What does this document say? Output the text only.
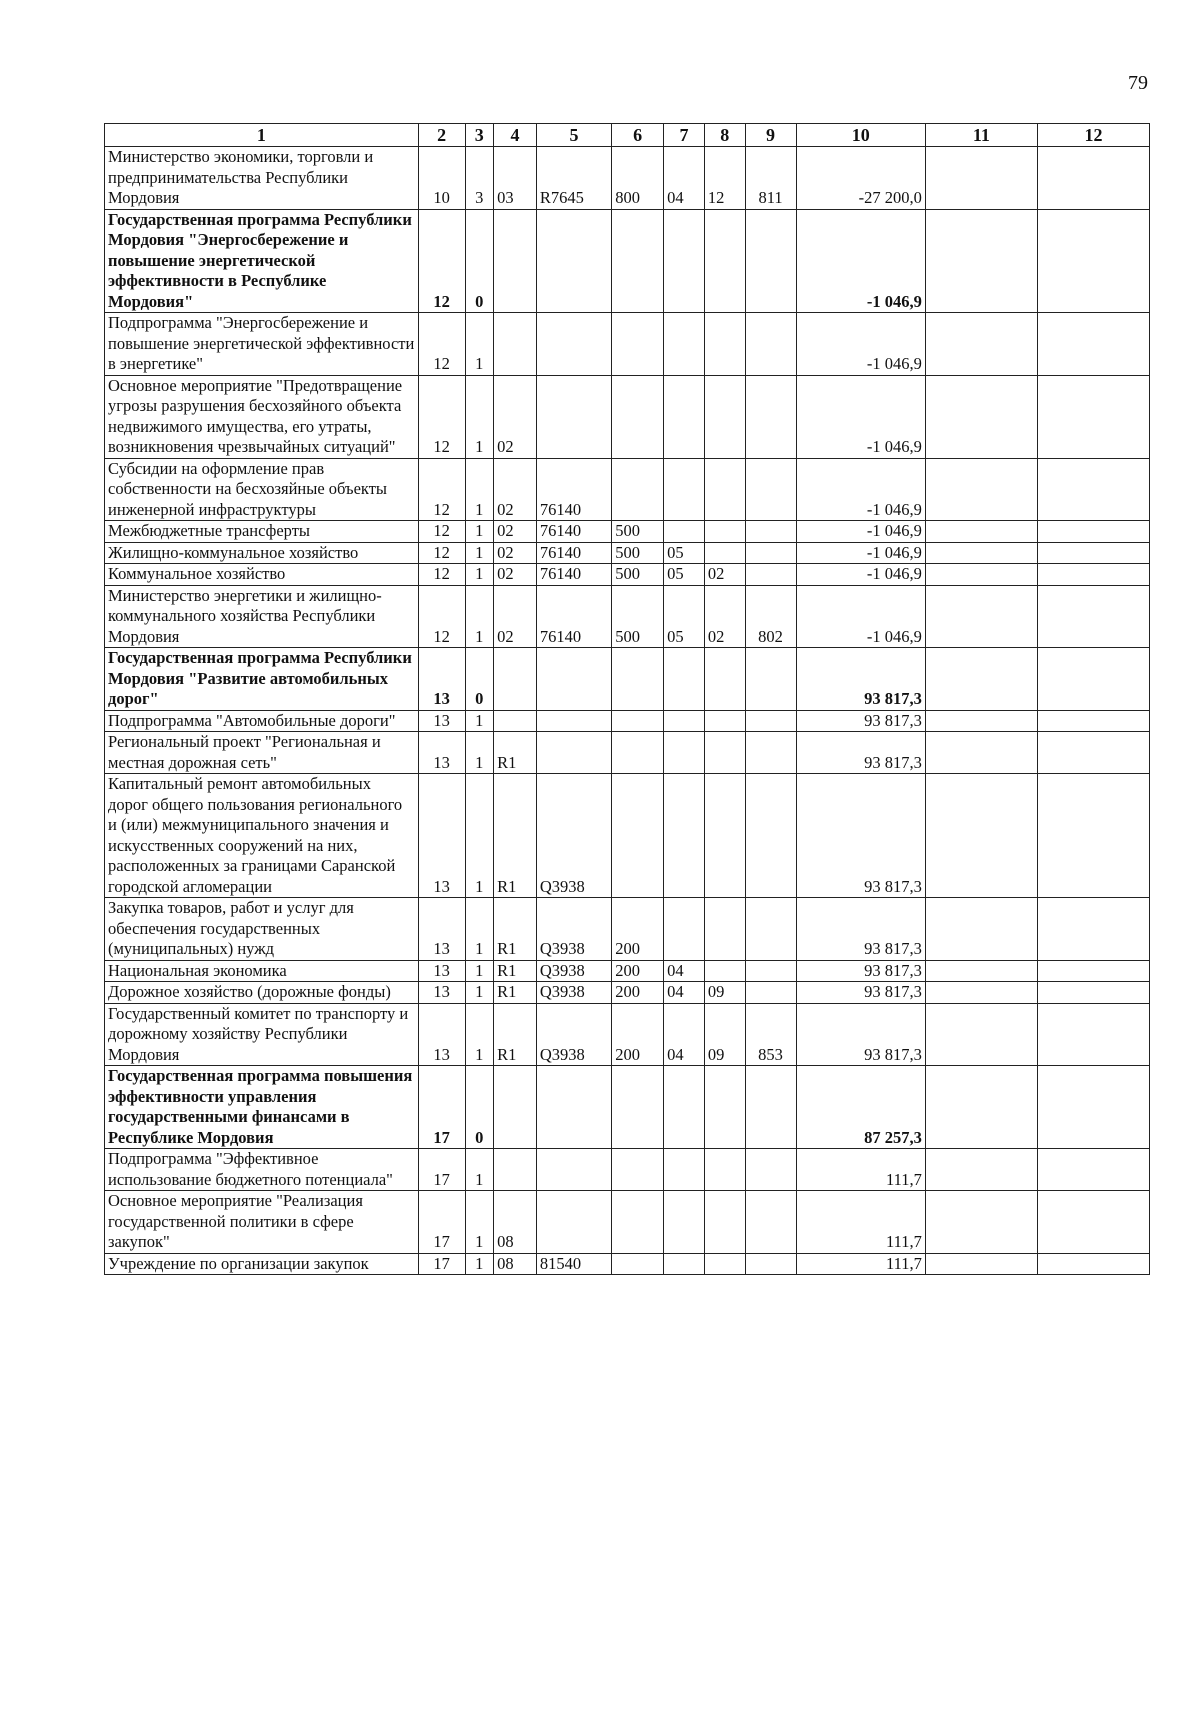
79
1	2	3	4	5	6	7	8	9	10	11	12
Министерство экономики, торговли и предпринимательства Республики Мордовия	10	3	03	R7645	800	04	12	811	-27 200,0		
Государственная программа Республики Мордовия "Энергосбережение и повышение энергетической эффективности в Республике Мордовия"	12	0							-1 046,9		
Подпрограмма "Энергосбережение и повышение энергетической эффективности в энергетике"	12	1							-1 046,9		
Основное мероприятие "Предотвращение угрозы разрушения бесхозяйного объекта недвижимого имущества, его утраты, возникновения чрезвычайных ситуаций"	12	1	02						-1 046,9		
Субсидии на оформление прав собственности на бесхозяйные объекты инженерной инфраструктуры	12	1	02	76140					-1 046,9		
Межбюджетные трансферты	12	1	02	76140	500				-1 046,9		
Жилищно-коммунальное хозяйство	12	1	02	76140	500	05			-1 046,9		
Коммунальное хозяйство	12	1	02	76140	500	05	02		-1 046,9		
Министерство энергетики и жилищно-коммунального хозяйства Республики Мордовия	12	1	02	76140	500	05	02	802	-1 046,9		
Государственная программа Республики Мордовия "Развитие автомобильных дорог"	13	0							93 817,3		
Подпрограмма "Автомобильные дороги"	13	1							93 817,3		
Региональный проект "Региональная и местная дорожная сеть"	13	1	R1						93 817,3		
Капитальный ремонт автомобильных дорог общего пользования регионального и (или) межмуниципального значения и искусственных сооружений на них, расположенных за границами Саранской городской агломерации	13	1	R1	Q3938					93 817,3		
Закупка товаров, работ и услуг для обеспечения государственных (муниципальных) нужд	13	1	R1	Q3938	200				93 817,3		
Национальная экономика	13	1	R1	Q3938	200	04			93 817,3		
Дорожное хозяйство (дорожные фонды)	13	1	R1	Q3938	200	04	09		93 817,3		
Государственный комитет по транспорту и дорожному хозяйству Республики Мордовия	13	1	R1	Q3938	200	04	09	853	93 817,3		
Государственная программа повышения эффективности управления государственными финансами в Республике Мордовия	17	0							87 257,3		
Подпрограмма "Эффективное использование бюджетного потенциала"	17	1							111,7		
Основное мероприятие "Реализация государственной политики в сфере закупок"	17	1	08						111,7		
Учреждение по организации закупок	17	1	08	81540					111,7		
